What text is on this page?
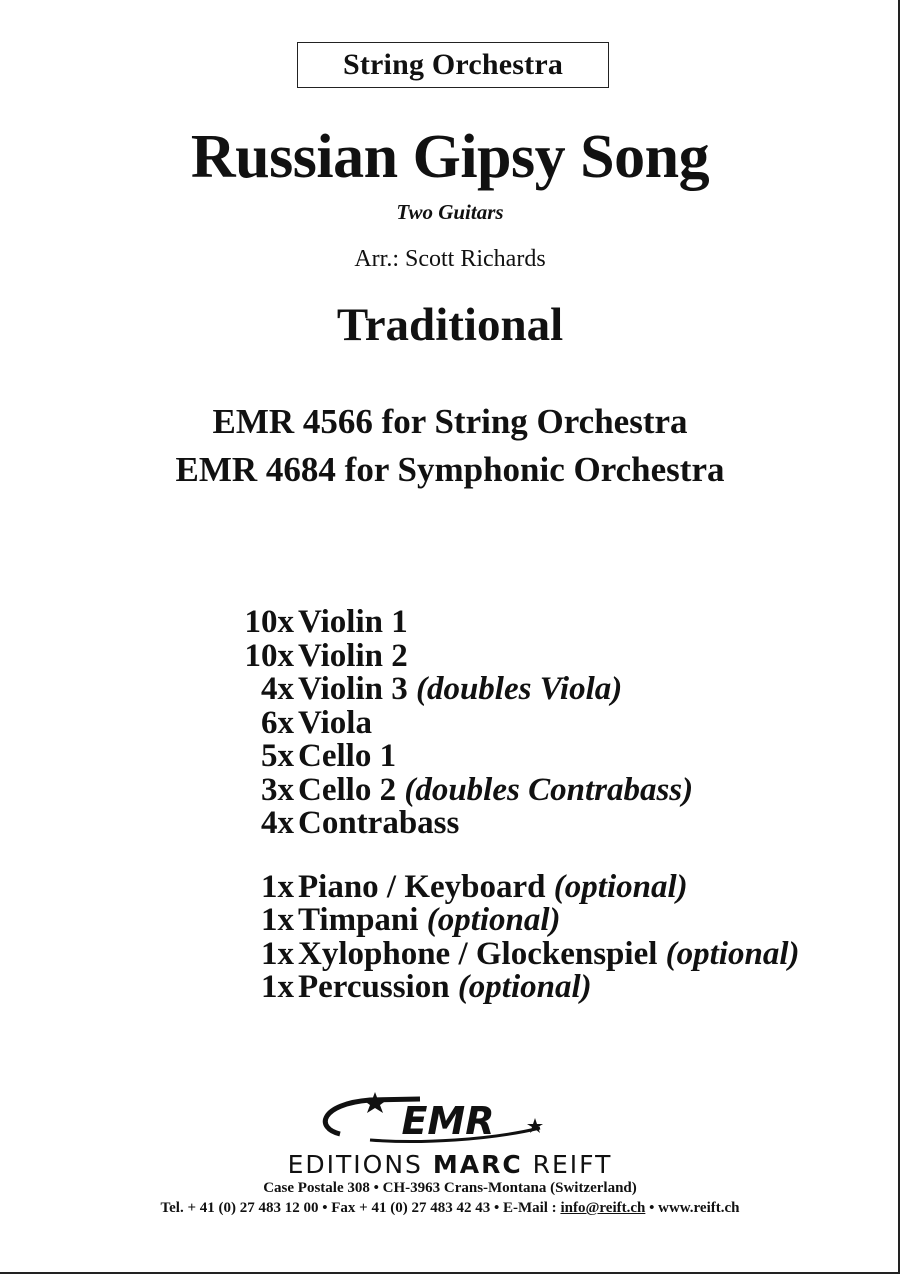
String Orchestra
Russian Gipsy Song
Two Guitars
Arr.: Scott Richards
Traditional
EMR 4566 for String Orchestra
EMR 4684 for Symphonic Orchestra
10x Violin 1
10x Violin 2
4x Violin 3 (doubles Viola)
6x Viola
5x Cello 1
3x Cello 2 (doubles Contrabass)
4x Contrabass
1x Piano / Keyboard (optional)
1x Timpani (optional)
1x Xylophone / Glockenspiel (optional)
1x Percussion (optional)
EMR
EDITIONS MARC REIFT
Case Postale 308 • CH-3963 Crans-Montana (Switzerland)
Tel. + 41 (0) 27 483 12 00 • Fax + 41 (0) 27 483 42 43 • E-Mail : info@reift.ch • www.reift.ch
